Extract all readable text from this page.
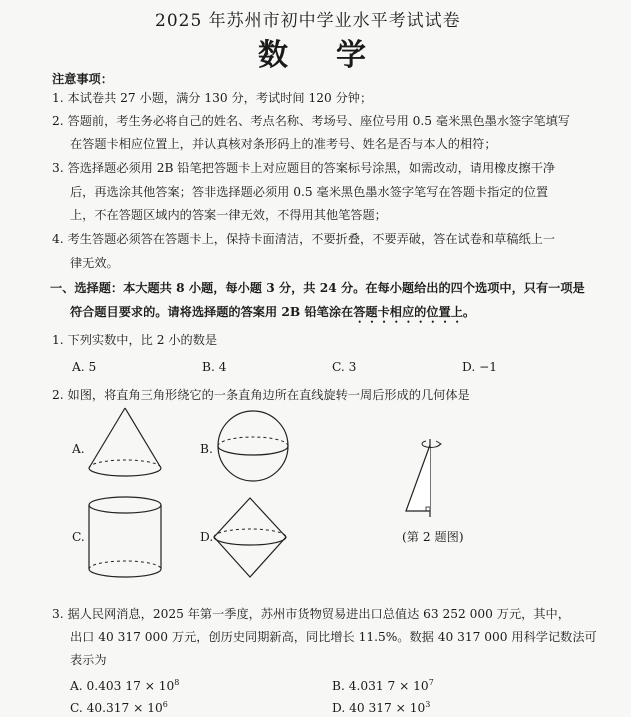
2025 年苏州市初中学业水平考试试卷
数 学
注意事项：
1. 本试卷共 27 小题，满分 130 分，考试时间 120 分钟；
2. 答题前，考生务必将自己的姓名、考点名称、考场号、座位号用 0.5 毫米黑色墨水签字笔填写
在答题卡相应位置上，并认真核对条形码上的准考号、姓名是否与本人的相符；
3. 答选择题必须用 2B 铅笔把答题卡上对应题目的答案标号涂黑，如需改动，请用橡皮擦干净
后，再选涂其他答案；答非选择题必须用 0.5 毫米黑色墨水签字笔写在答题卡指定的位置
上，不在答题区域内的答案一律无效，不得用其他笔答题；
4. 考生答题必须答在答题卡上，保持卡面清洁，不要折叠，不要弄破，答在试卷和草稿纸上一
律无效。
一、选择题：本大题共 8 小题，每小题 3 分，共 24 分。在每小题给出的四个选项中，只有一项是
符合题目要求的。请将选择题的答案用 2B 铅笔涂在答题卡相应的位置上。
1. 下列实数中，比 2 小的数是
A. 5	B. 4	C. 3	D. −1
2. 如图，将直角三角形绕它的一条直角边所在直线旋转一周后形成的几何体是
A.	B.
C.	D.	(第 2 题图)
3. 据人民网消息，2025 年第一季度，苏州市货物贸易进出口总值达 63 252 000 万元，其中，
出口 40 317 000 万元，创历史同期新高，同比增长 11.5%。数据 40 317 000 用科学记数法可
表示为
A. 0.403 $17 \times 10^8$	B. 4.031 $7 \times 10^7$
C. $40.317 \times 10^6$	D. 40 $317 \times 10^3$
